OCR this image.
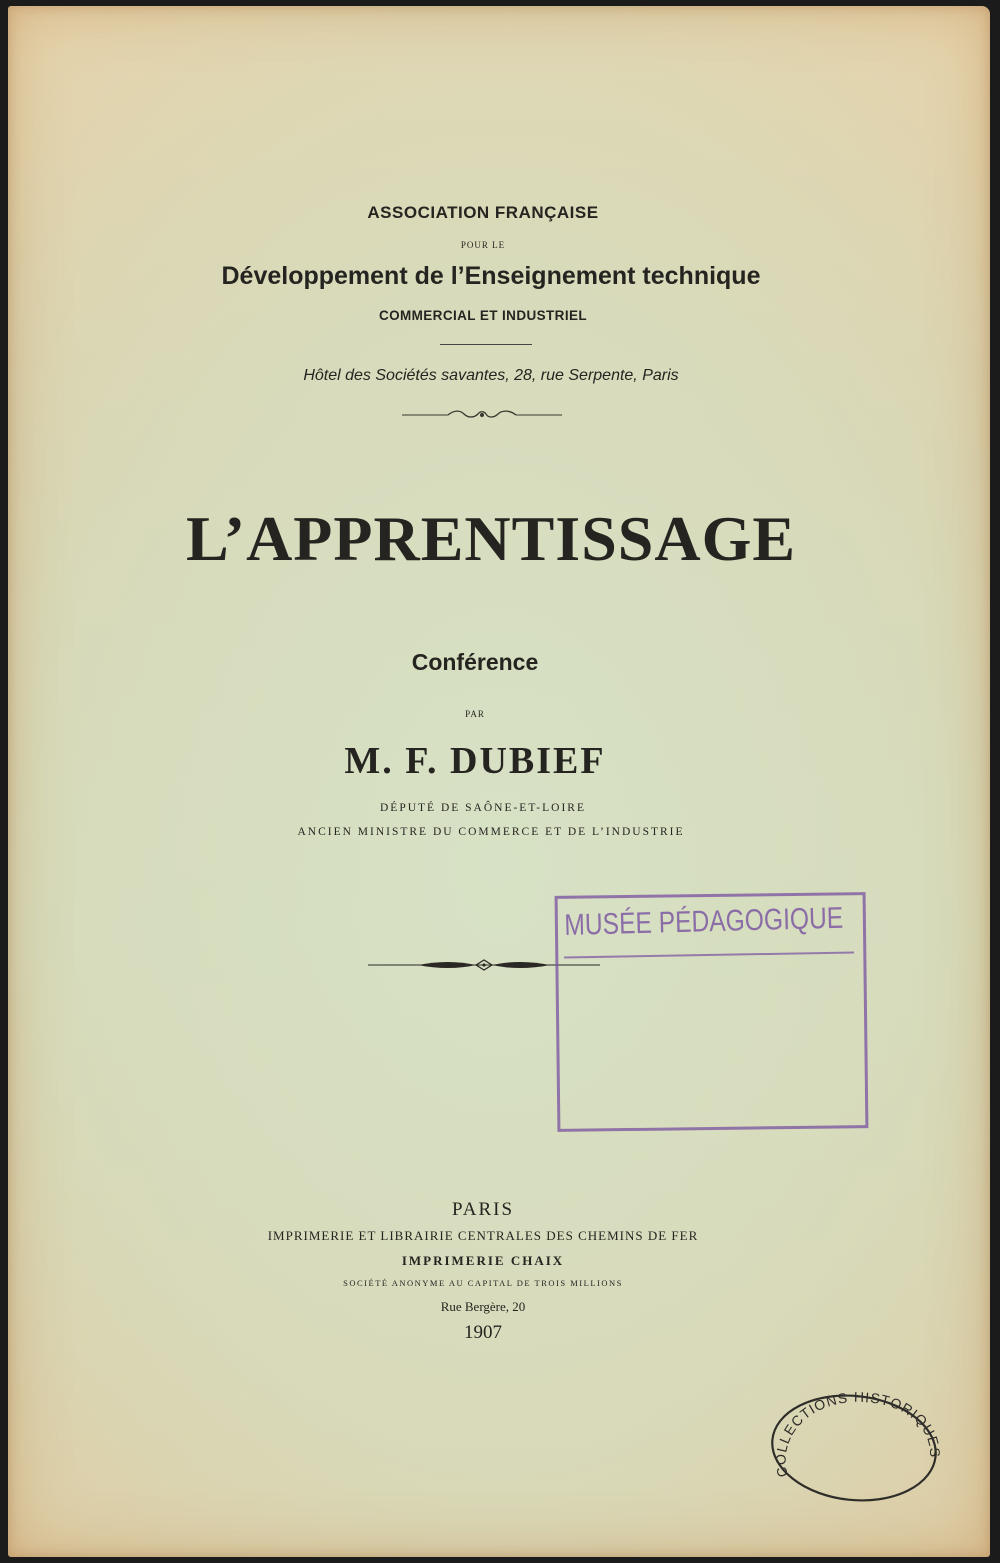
ASSOCIATION FRANÇAISE
POUR LE
Développement de l’Enseignement technique
COMMERCIAL ET INDUSTRIEL
Hôtel des Sociétés savantes, 28, rue Serpente, Paris
L’APPRENTISSAGE
Conférence
PAR
M. F. DUBIEF
DÉPUTÉ DE SAÔNE-ET-LOIRE
ANCIEN MINISTRE DU COMMERCE ET DE L’INDUSTRIE
MUSÉE PÉDAGOGIQUE
PARIS
IMPRIMERIE ET LIBRAIRIE CENTRALES DES CHEMINS DE FER
IMPRIMERIE CHAIX
SOCIÉTÉ ANONYME AU CAPITAL DE TROIS MILLIONS
Rue Bergère, 20
1907
COLLECTIONS HISTORIQUES
